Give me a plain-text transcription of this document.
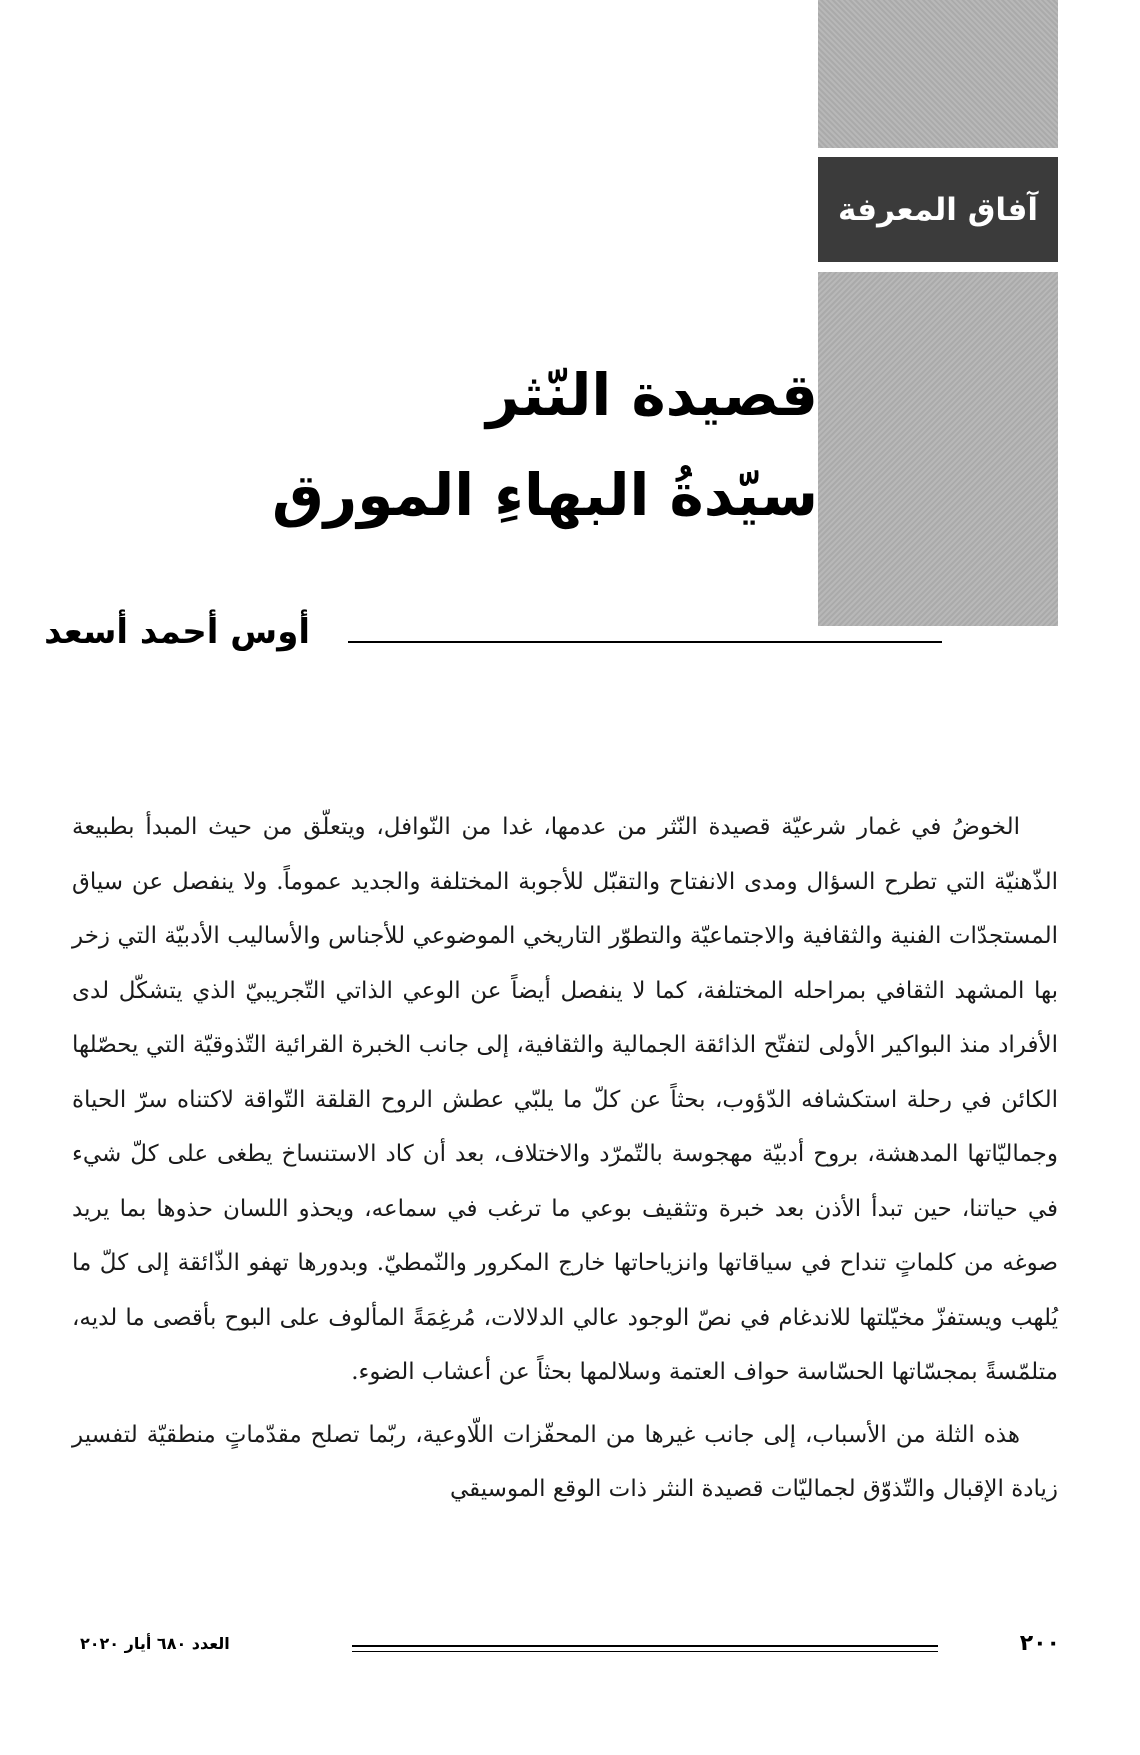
آفاق المعرفة
قصيدة النّثر
سيّدةُ البهاءِ المورق
أوس أحمد أسعد

الخوضُ في غمار شرعيّة قصيدة النّثر من عدمها، غدا من النّوافل، ويتعلّق من حيث المبدأ بطبيعة الذّهنيّة التي تطرح السؤال ومدى الانفتاح والتقبّل للأجوبة المختلفة والجديد عموماً. ولا ينفصل عن سياق المستجدّات الفنية والثقافية والاجتماعيّة والتطوّر التاريخي الموضوعي للأجناس والأساليب الأدبيّة التي زخر بها المشهد الثقافي بمراحله المختلفة، كما لا ينفصل أيضاً عن الوعي الذاتي التّجريبيّ الذي يتشكّل لدى الأفراد منذ البواكير الأولى لتفتّح الذائقة الجمالية والثقافية، إلى جانب الخبرة القرائية التّذوقيّة التي يحصّلها الكائن في رحلة استكشافه الدّؤوب، بحثاً عن كلّ ما يلبّي عطش الروح القلقة التّواقة لاكتناه سرّ الحياة وجماليّاتها المدهشة، بروح أدبيّة مهجوسة بالتّمرّد والاختلاف، بعد أن كاد الاستنساخ يطغى على كلّ شيء في حياتنا، حين تبدأ الأذن بعد خبرة وتثقيف بوعي ما ترغب في سماعه، ويحذو اللسان حذوها بما يريد صوغه من كلماتٍ تنداح في سياقاتها وانزياحاتها خارج المكرور والنّمطيّ. وبدورها تهفو الذّائقة إلى كلّ ما يُلهب ويستفزّ مخيّلتها للاندغام في نصّ الوجود عالي الدلالات، مُرغِمَةً المألوف على البوح بأقصى ما لديه، متلمّسةً بمجسّاتها الحسّاسة حواف العتمة وسلالمها بحثاً عن أعشاب الضوء.

هذه الثلة من الأسباب، إلى جانب غيرها من المحفّزات اللّاوعية، ربّما تصلح مقدّماتٍ منطقيّة لتفسير زيادة الإقبال والتّذوّق لجماليّات قصيدة النثر ذات الوقع الموسيقي

٢٠٠
العدد ٦٨٠ أيار ٢٠٢٠
